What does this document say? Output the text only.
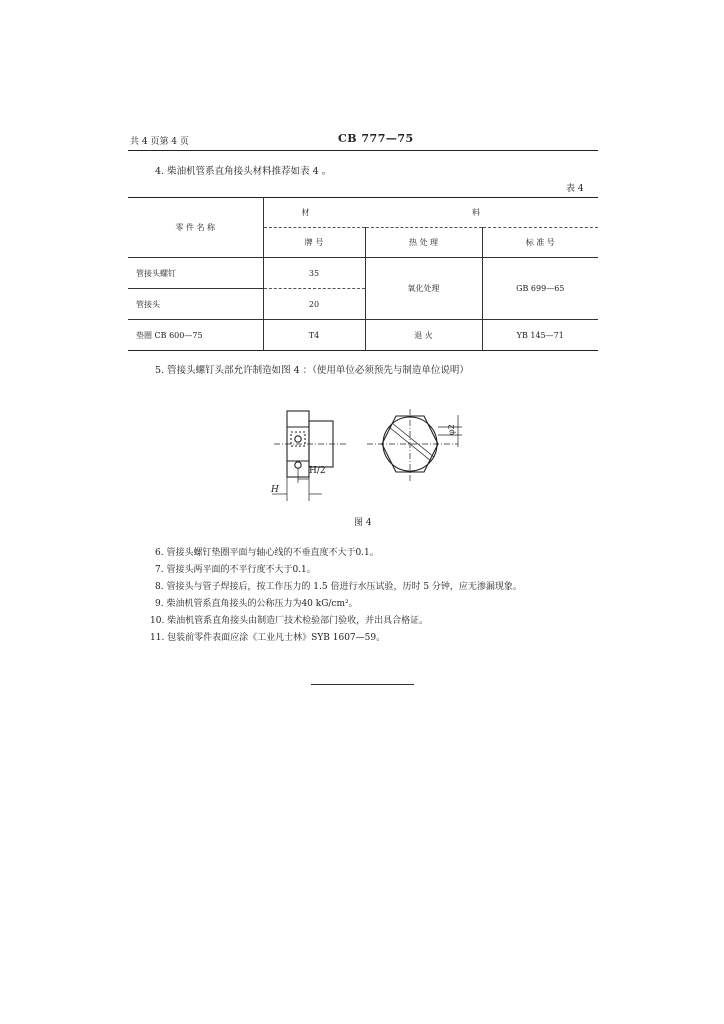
共 4 页第 4 页	CB 777—75
4. 柴油机管系直角接头材料推荐如表 4 。
表 4
零 件 名 称	材 料		
	牌 号	热 处 理	标 准 号
管接头螺钉	35	氧化处理	GB 699—65
管接头	20		
垫圈 CB 600—75	T4	退 火	YB 145—71
5. 管接头螺钉头部允许制造如图 4 ：（使用单位必须预先与制造单位说明）
H/2
H
φ2
图 4
6. 管接头螺钉垫圈平面与轴心线的不垂直度不大于0.1。
7. 管接头两平面的不平行度不大于0.1。
8. 管接头与管子焊接后，按工作压力的 1.5 倍进行水压试验，历时 5 分钟，应无渗漏现象。
9. 柴油机管系直角接头的公称压力为40 kG/cm²。
10. 柴油机管系直角接头由制造厂技术检验部门验收，并出具合格证。
11. 包装前零件表面应涂《工业凡士林》SYB 1607—59。
